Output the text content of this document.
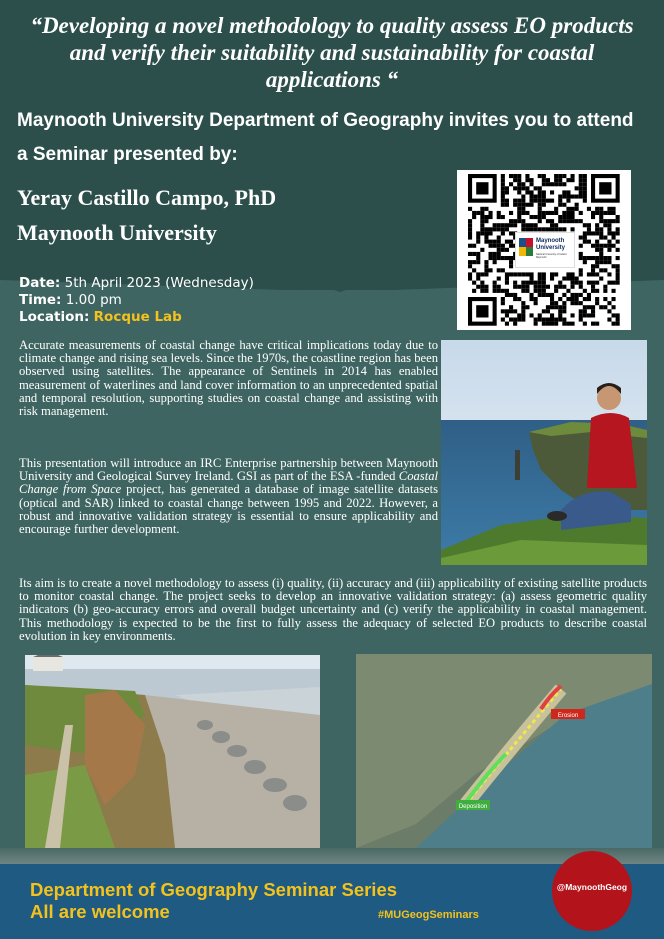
“Developing a novel methodology to quality assess EO products and verify their suitability and sustainability for coastal applications “

Maynooth University Department of Geography invites you to attend a Seminar presented by:

Yeray Castillo Campo, PhD
Maynooth University	Maynooth University
National University of Ireland Maynooth
Date: 5th April 2023 (Wednesday)
Time: 1.00 pm
Location: Rocque Lab

Accurate measurements of coastal change have critical implications today due to climate change and rising sea levels. Since the 1970s, the coastline region has been observed using satellites. The appearance of Sentinels in 2014 has enabled measurement of waterlines and land cover information to an unprecedented spatial and temporal resolution, supporting studies on coastal change and assisting with risk management.

This presentation will introduce an IRC Enterprise partnership between Maynooth University and Geological Survey Ireland. GSI as part of the ESA -funded Coastal Change from Space project, has generated a database of image satellite datasets (optical and SAR) linked to coastal change between 1995 and 2022. However, a robust and innovative validation strategy is essential to ensure applicability and encourage further development.

Its aim is to create a novel methodology to assess (i) quality, (ii) accuracy and (iii) applicability of existing satellite products to monitor coastal change. The project seeks to develop an innovative validation strategy: (a) assess geometric quality indicators (b) geo-accuracy errors and overall budget uncertainty and (c) verify the applicability in coastal management. This methodology is expected to be the first to fully assess the adequacy of selected EO products to describe coastal evolution in key environments.

Erosion
Deposition

Department of Geography Seminar Series
All are welcome	#MUGeogSeminars
@MaynoothGeog
